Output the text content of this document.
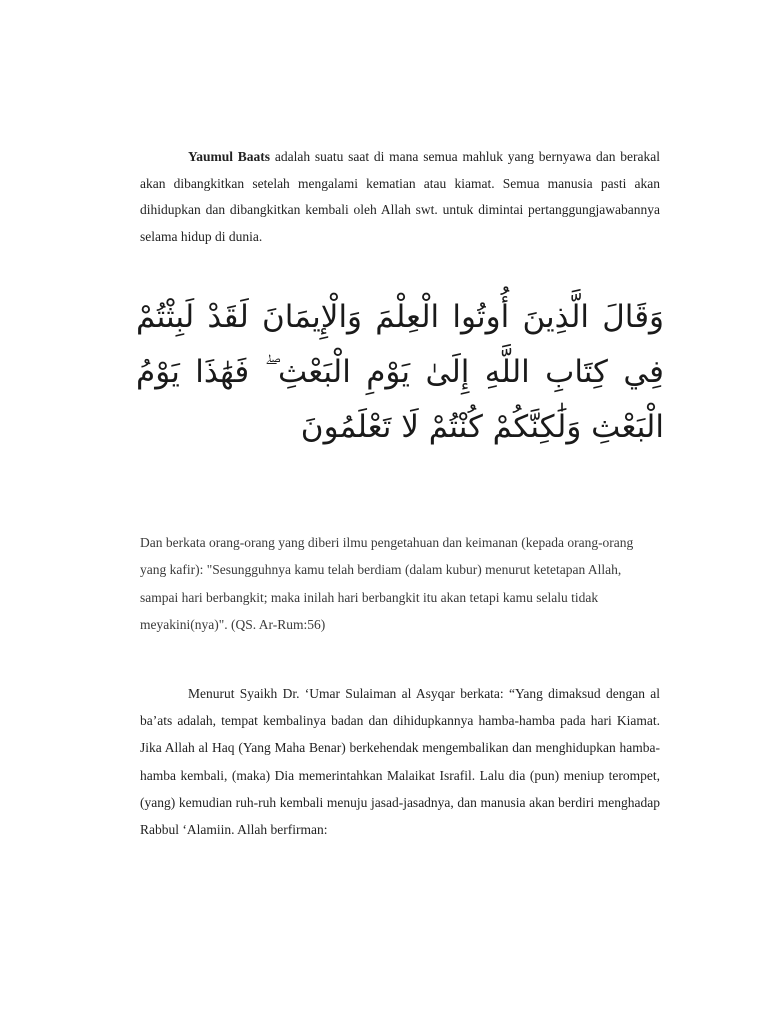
Yaumul Baats adalah suatu saat di mana semua mahluk yang bernyawa dan berakal akan dibangkitkan setelah mengalami kematian atau kiamat. Semua manusia pasti akan dihidupkan dan dibangkitkan kembali oleh Allah swt. untuk dimintai pertanggungjawabannya selama hidup di dunia.

وَقَالَ الَّذِينَ أُوتُوا الْعِلْمَ وَالْإِيمَانَ لَقَدْ لَبِثْتُمْ فِي كِتَابِ اللَّهِ إِلَىٰ يَوْمِ الْبَعْثِ ۖ فَهَٰذَا يَوْمُ الْبَعْثِ وَلَٰكِنَّكُمْ كُنْتُمْ لَا تَعْلَمُونَ

Dan berkata orang-orang yang diberi ilmu pengetahuan dan keimanan (kepada orang-orang yang kafir): "Sesungguhnya kamu telah berdiam (dalam kubur) menurut ketetapan Allah, sampai hari berbangkit; maka inilah hari berbangkit itu akan tetapi kamu selalu tidak meyakini(nya)". (QS. Ar-Rum:56)

Menurut Syaikh Dr. ‘Umar Sulaiman al Asyqar berkata: “Yang dimaksud dengan al ba’ats adalah, tempat kembalinya badan dan dihidupkannya hamba-hamba pada hari Kiamat. Jika Allah al Haq (Yang Maha Benar) berkehendak mengembalikan dan menghidupkan hamba-hamba kembali, (maka) Dia memerintahkan Malaikat Israfil. Lalu dia (pun) meniup terompet, (yang) kemudian ruh-ruh kembali menuju jasad-jasadnya, dan manusia akan berdiri menghadap Rabbul ‘Alamiin. Allah berfirman:
